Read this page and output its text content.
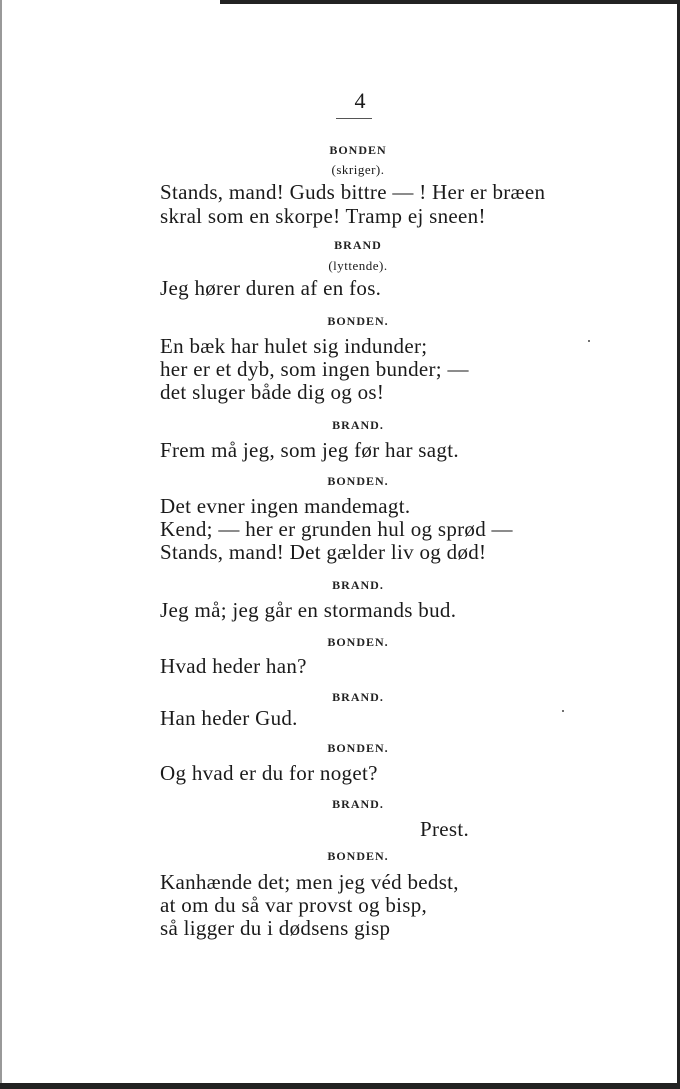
4
BONDEN
(skriger).
Stands, mand! Guds bittre — ! Her er bræen
skral som en skorpe! Tramp ej sneen!
BRAND
(lyttende).
Jeg hører duren af en fos.
BONDEN.
En bæk har hulet sig indunder;
her er et dyb, som ingen bunder; —
det sluger både dig og os!
BRAND.
Frem må jeg, som jeg før har sagt.
BONDEN.
Det evner ingen mandemagt.
Kend; — her er grunden hul og sprød —
Stands, mand! Det gælder liv og død!
BRAND.
Jeg må; jeg går en stormands bud.
BONDEN.
Hvad heder han?
BRAND.
Han heder Gud.
BONDEN.
Og hvad er du for noget?
BRAND.
Prest.
BONDEN.
Kanhænde det; men jeg véd bedst,
at om du så var provst og bisp,
så ligger du i dødsens gisp
